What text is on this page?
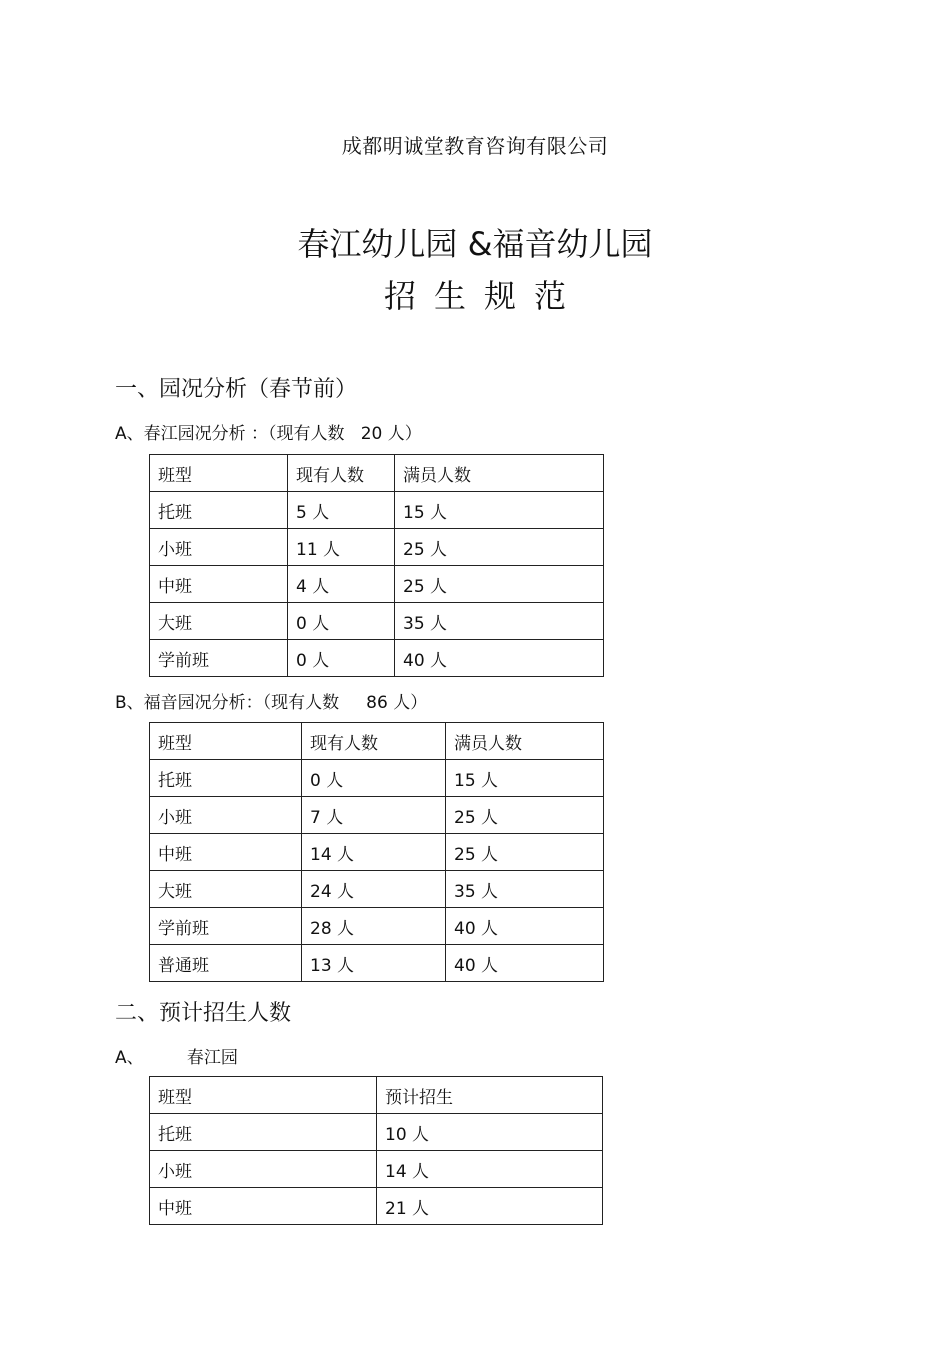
成都明诚堂教育咨询有限公司
春江幼儿园 &福音幼儿园
招生规范
一、园况分析（春节前）
A、春江园况分析 ：（现有人数   20 人）
班型	现有人数	满员人数
托班	5 人	15 人
小班	11 人	25 人
中班	4 人	25 人
大班	0 人	35 人
学前班	0 人	40 人
B、福音园况分析：（现有人数     86 人）
班型	现有人数	满员人数
托班	0 人	15 人
小班	7 人	25 人
中班	14 人	25 人
大班	24 人	35 人
学前班	28 人	40 人
普通班	13 人	40 人
二、预计招生人数
A、        春江园
班型	预计招生
托班	10 人
小班	14 人
中班	21 人
